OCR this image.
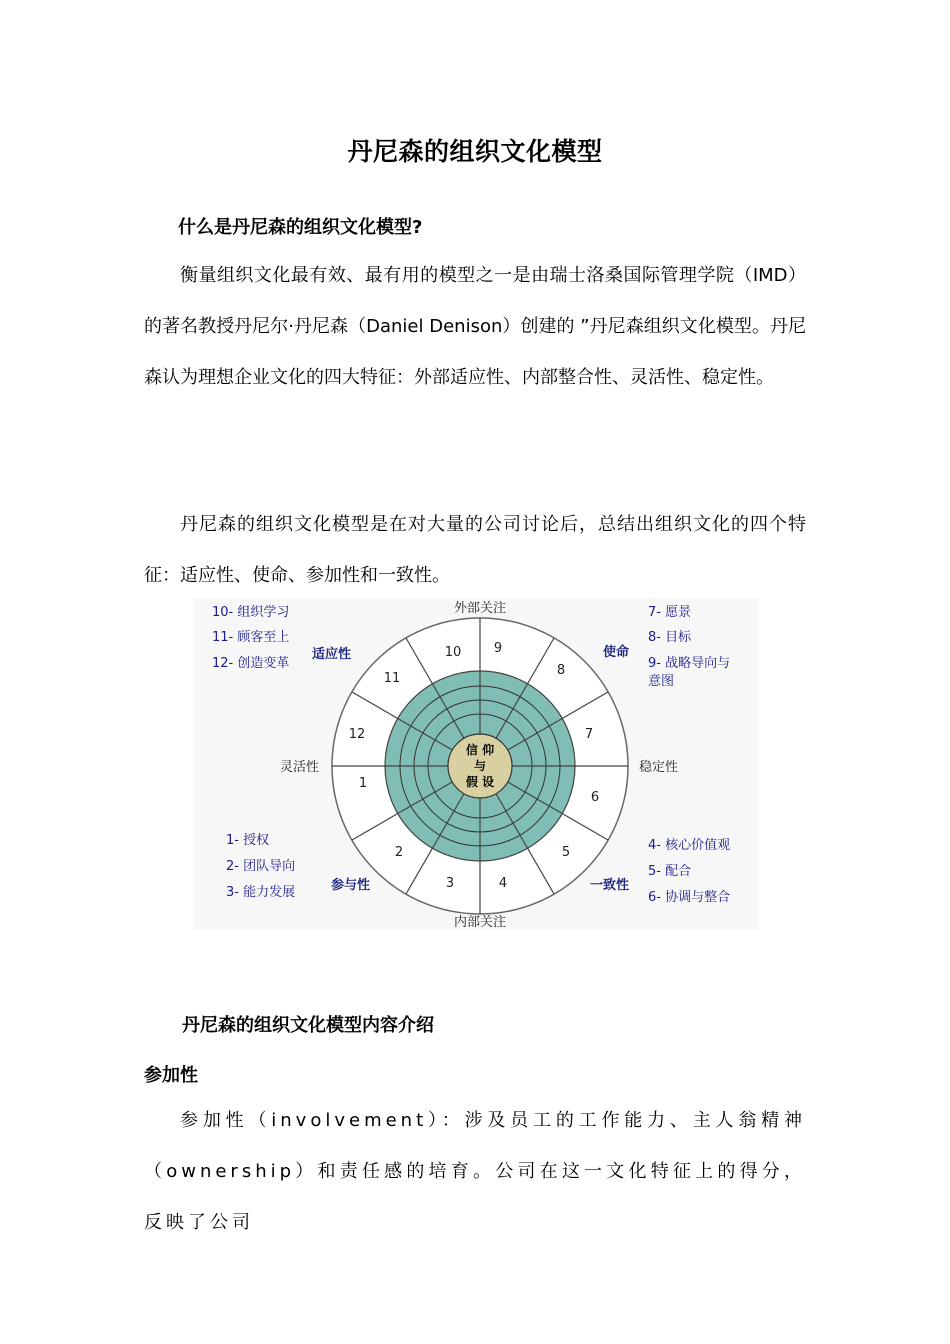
丹尼森的组织文化模型
什么是丹尼森的组织文化模型?
衡量组织文化最有效、最有用的模型之一是由瑞士洛桑国际管理学院（IMD）的著名教授丹尼尔·丹尼森（Daniel Denison）创建的 ”丹尼森组织文化模型。丹尼森认为理想企业文化的四大特征：外部适应性、内部整合性、灵活性、稳定性。
丹尼森的组织文化模型是在对大量的公司讨论后，总结出组织文化的四个特征：适应性、使命、参加性和一致性。
信 仰
与
假 设
1
2
3	4
5
6
7
8
9
10
11
12
外部关注
内部关注
灵活性	稳定性
适应性	使命
参与性	一致性
10- 组织学习
11- 顾客至上
12- 创造变革
7- 愿景
8- 目标
9- 战略导向与
意图
1- 授权
2- 团队导向
3- 能力发展
4- 核心价值观
5- 配合
6- 协调与整合
丹尼森的组织文化模型内容介绍
参加性
参加性（involvement）：涉及员工的工作能力、主人翁精神（ownership）和责任感的培育。公司在这一文化特征上的得分，反映了公司
